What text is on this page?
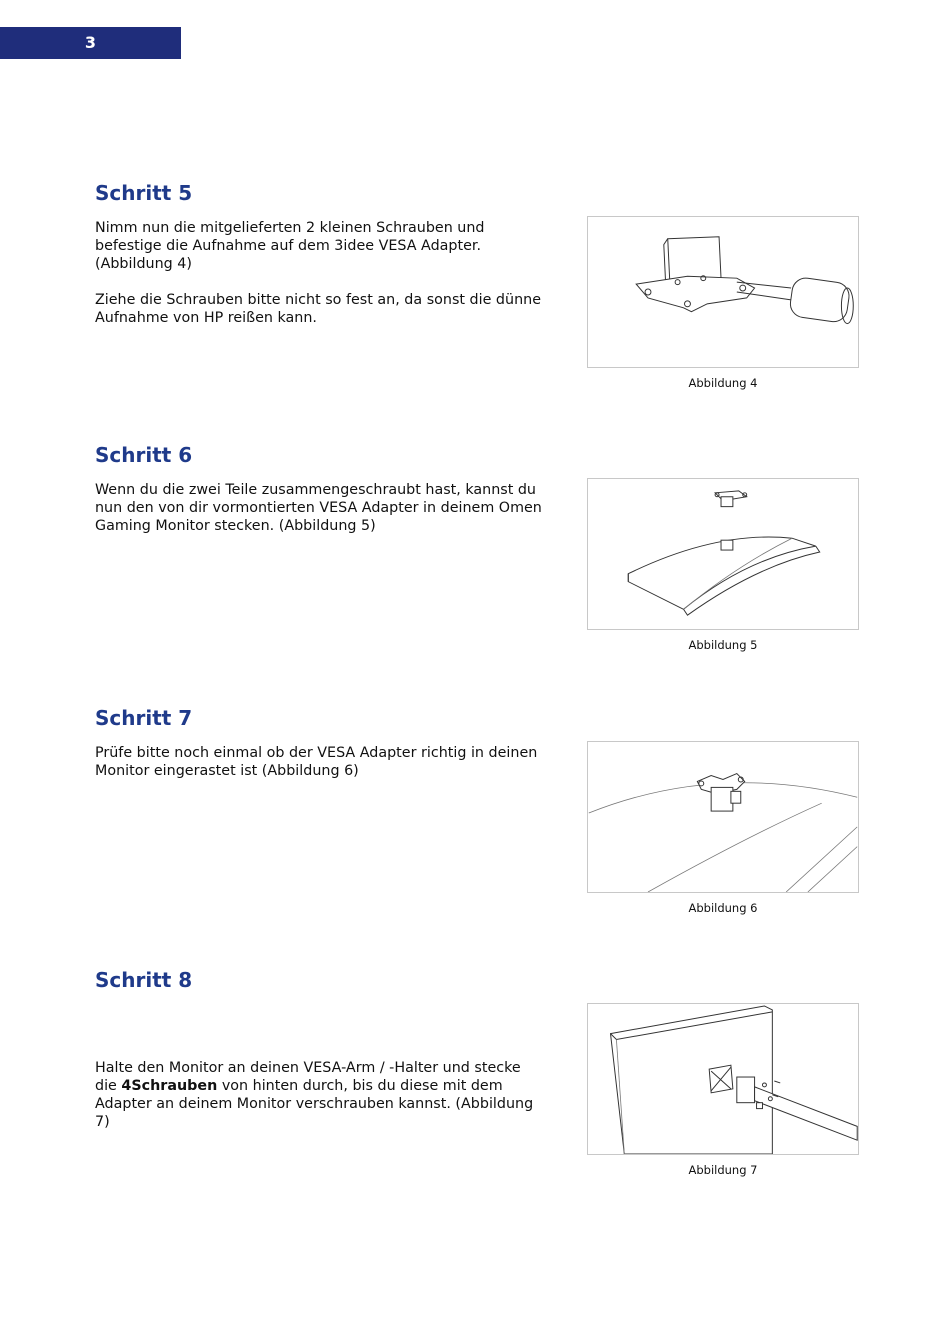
3
Schritt 5

Nimm nun die mitgelieferten 2 kleinen Schrauben und befestige die Aufnahme auf dem 3idee VESA Adapter. (Abbildung 4)

Ziehe die Schrauben bitte nicht so fest an, da sonst die dünne Aufnahme von HP reißen kann.

Abbildung 4
Schritt 6

Wenn du die zwei Teile zusammengeschraubt hast, kannst du nun den von dir vormontierten VESA Adapter in deinem Omen Gaming Monitor stecken. (Abbildung 5)

Abbildung 5
Schritt 7

Prüfe bitte noch einmal ob der VESA Adapter richtig in deinen Monitor eingerastet ist (Abbildung 6)

Abbildung 6
Schritt 8

Halte den Monitor an deinen VESA-Arm / -Halter und stecke die 4Schrauben von hinten durch, bis du diese mit dem Adapter an deinem Monitor verschrauben kannst. (Abbildung 7)

Abbildung 7
